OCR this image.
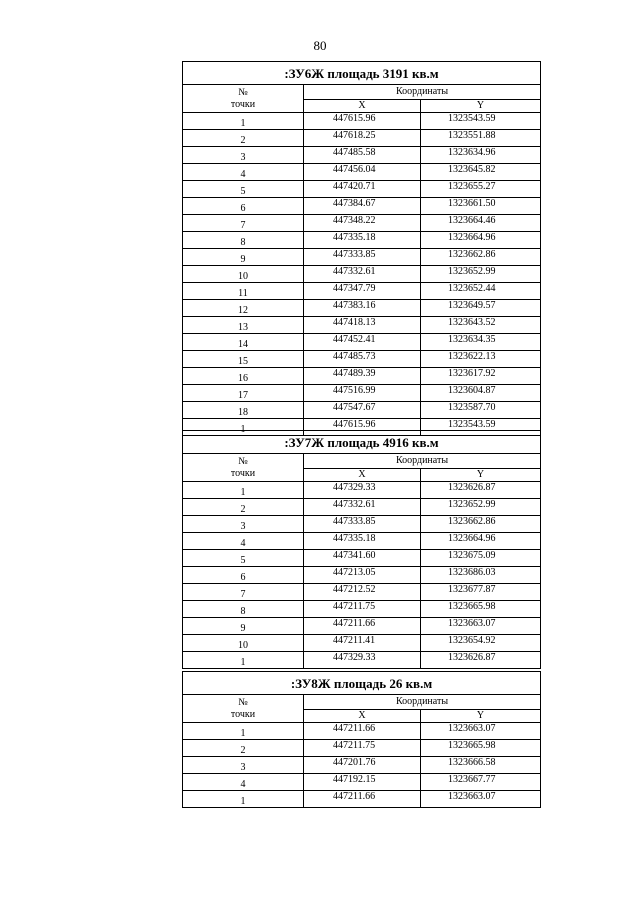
80
:ЗУ6Ж площадь 3191 кв.м		
№
точки	Координаты	
	X	Y
1	447615.96	1323543.59
2	447618.25	1323551.88
3	447485.58	1323634.96
4	447456.04	1323645.82
5	447420.71	1323655.27
6	447384.67	1323661.50
7	447348.22	1323664.46
8	447335.18	1323664.96
9	447333.85	1323662.86
10	447332.61	1323652.99
11	447347.79	1323652.44
12	447383.16	1323649.57
13	447418.13	1323643.52
14	447452.41	1323634.35
15	447485.73	1323622.13
16	447489.39	1323617.92
17	447516.99	1323604.87
18	447547.67	1323587.70
1	447615.96	1323543.59
:ЗУ7Ж площадь 4916 кв.м		
№
точки	Координаты	
	X	Y
1	447329.33	1323626.87
2	447332.61	1323652.99
3	447333.85	1323662.86
4	447335.18	1323664.96
5	447341.60	1323675.09
6	447213.05	1323686.03
7	447212.52	1323677.87
8	447211.75	1323665.98
9	447211.66	1323663.07
10	447211.41	1323654.92
1	447329.33	1323626.87
:ЗУ8Ж площадь 26 кв.м		
№
точки	Координаты	
	X	Y
1	447211.66	1323663.07
2	447211.75	1323665.98
3	447201.76	1323666.58
4	447192.15	1323667.77
1	447211.66	1323663.07
